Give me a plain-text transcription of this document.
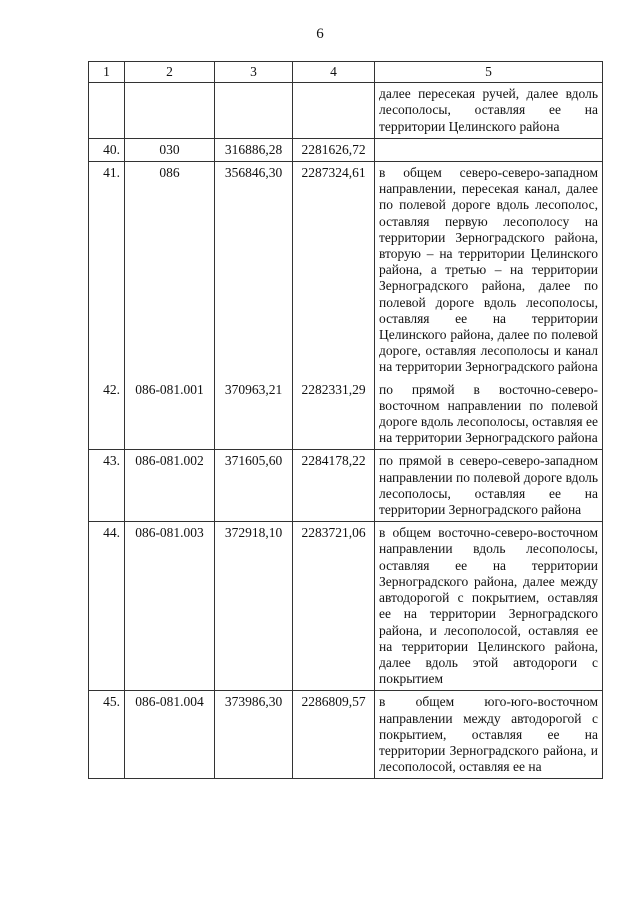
6
1	2	3	4	5
				далее пересекая ручей, далее вдоль лесополосы, оставляя ее на территории Целинского района
40.	030	316886,28	2281626,72	
41.	086	356846,30	2287324,61	в общем северо-северо-западном направлении, пересекая канал, далее по полевой дороге вдоль лесополос, оставляя первую лесополосу на территории Зерноградского района, вторую – на территории Целинского района, а третью – на территории Зерноградского района, далее по полевой дороге вдоль лесополосы, оставляя ее на территории Целинского района, далее по полевой дороге, оставляя лесополосы и канал на территории Зерноградского района
42.	086-081.001	370963,21	2282331,29	по прямой в восточно-северо-восточном направлении по полевой дороге вдоль лесополосы, оставляя ее на территории Зерноградского района
43.	086-081.002	371605,60	2284178,22	по прямой в северо-северо-западном направлении по полевой дороге вдоль лесополосы, оставляя ее на территории Зерноградского района
44.	086-081.003	372918,10	2283721,06	в общем восточно-северо-восточном направлении вдоль лесополосы, оставляя ее на территории Зерноградского района, далее между автодорогой с покрытием, оставляя ее на территории Зерноградского района, и лесополосой, оставляя ее на территории Целинского района, далее вдоль этой автодороги с покрытием
45.	086-081.004	373986,30	2286809,57	в общем юго-юго-восточном направлении между автодорогой с покрытием, оставляя ее на территории Зерноградского района, и лесополосой, оставляя ее на
